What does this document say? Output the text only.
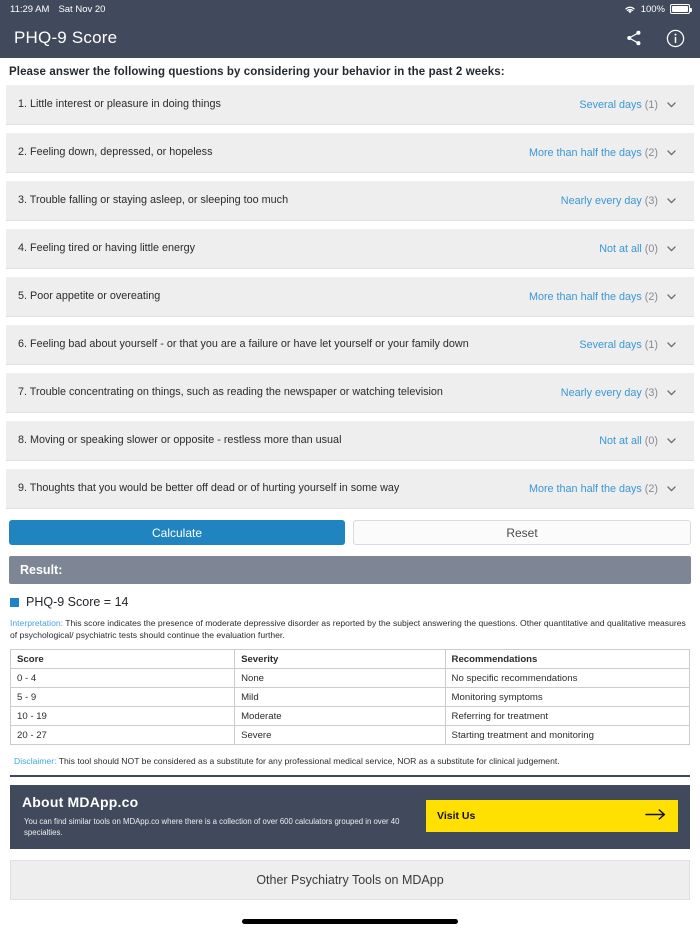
11:29 AM Sat Nov 20	100%
PHQ-9 Score
Please answer the following questions by considering your behavior in the past 2 weeks:
1. Little interest or pleasure in doing things	Several days (1)
2. Feeling down, depressed, or hopeless	More than half the days (2)
3. Trouble falling or staying asleep, or sleeping too much	Nearly every day (3)
4. Feeling tired or having little energy	Not at all (0)
5. Poor appetite or overeating	More than half the days (2)
6. Feeling bad about yourself - or that you are a failure or have let yourself or your family down	Several days (1)
7. Trouble concentrating on things, such as reading the newspaper or watching television	Nearly every day (3)
8. Moving or speaking slower or opposite - restless more than usual	Not at all (0)
9. Thoughts that you would be better off dead or of hurting yourself in some way	More than half the days (2)
Calculate	Reset
Result:
PHQ-9 Score = 14
Interpretation: This score indicates the presence of moderate depressive disorder as reported by the subject answering the questions. Other quantitative and qualitative measures of psychological/ psychiatric tests should continue the evaluation further.
Score	Severity	Recommendations
0 - 4	None	No specific recommendations
5 - 9	Mild	Monitoring symptoms
10 - 19	Moderate	Referring for treatment
20 - 27	Severe	Starting treatment and monitoring
Disclaimer: This tool should NOT be considered as a substitute for any professional medical service, NOR as a substitute for clinical judgement.
About MDApp.co
You can find similar tools on MDApp.co where there is a collection of over 600 calculators grouped in over 40 specialties.
Visit Us
Other Psychiatry Tools on MDApp
